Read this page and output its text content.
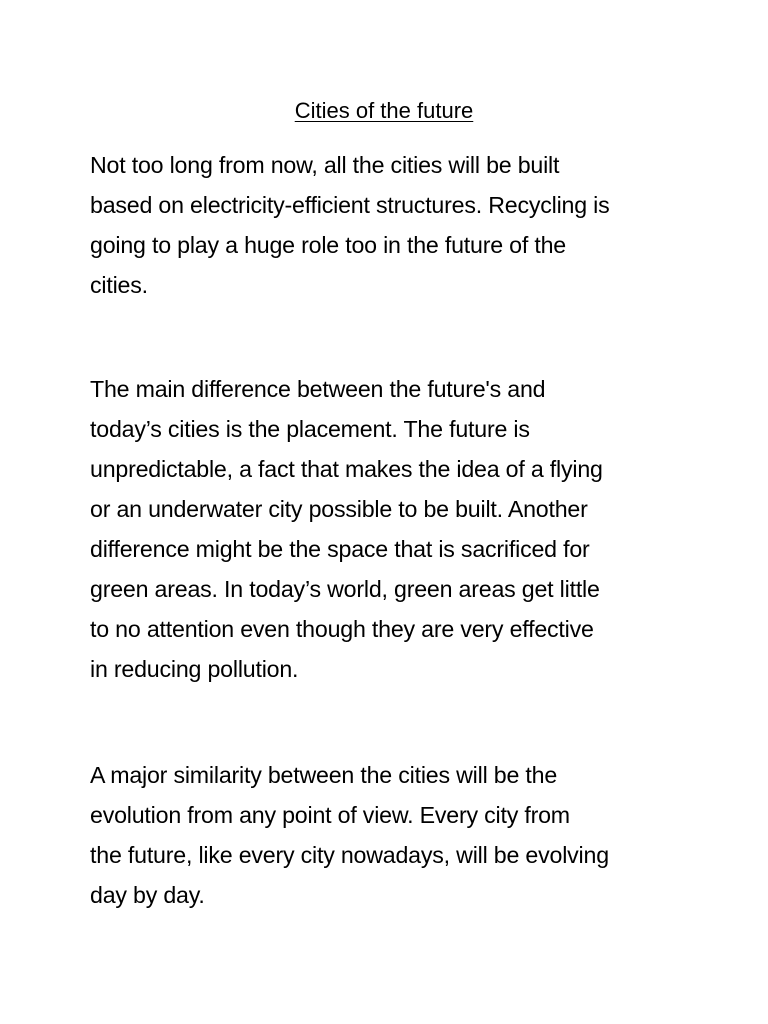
Cities of the future

Not too long from now, all the cities will be built
based on electricity-efficient structures. Recycling is
going to play a huge role too in the future of the
cities.

The main difference between the future's and
today’s cities is the placement. The future is
unpredictable, a fact that makes the idea of a flying
or an underwater city possible to be built. Another
difference might be the space that is sacrificed for
green areas. In today’s world, green areas get little
to no attention even though they are very effective
in reducing pollution.

A major similarity between the cities will be the
evolution from any point of view. Every city from
the future, like every city nowadays, will be evolving
day by day.
